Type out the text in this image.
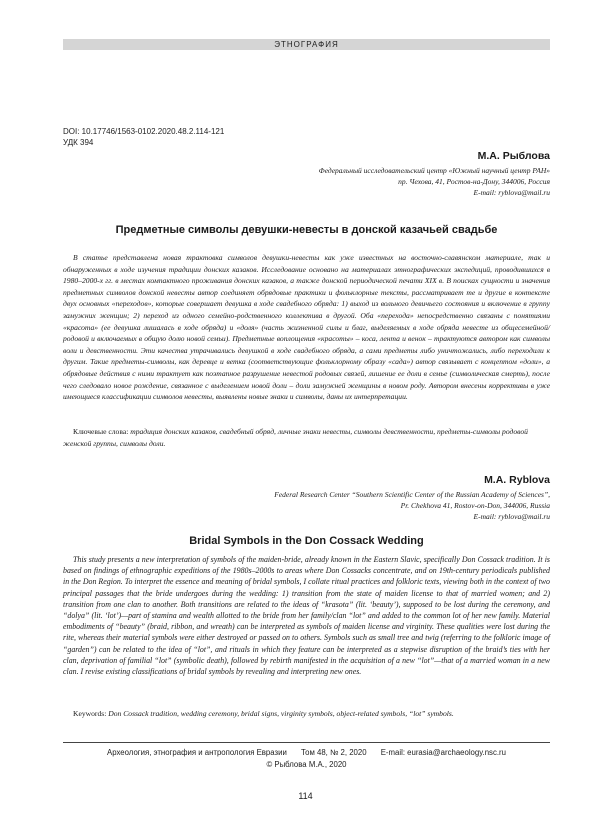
ЭТНОГРАФИЯ
DOI: 10.17746/1563-0102.2020.48.2.114-121
УДК 394
М.А. Рыблова
Федеральный исследовательский центр «Южный научный центр РАН»
пр. Чехова, 41, Ростов-на-Дону, 344006, Россия
E-mail: ryblova@mail.ru
Предметные символы девушки-невесты в донской казачьей свадьбе

В статье представлена новая трактовка символов девушки-невесты как уже известных на восточно-славянском материале, так и обнаруженных в ходе изучения традиции донских казаков. Исследование основано на материалах этнографических экспедиций, проводившихся в 1980–2000-х гг. в местах компактного проживания донских казаков, а также донской периодической печати XIX в. В поисках сущности и значения предметных символов донской невесты автор соединяет обрядовые практики и фольклорные тексты, рассматривает те и другие в контексте двух основных «переходов», которые совершает девушка в ходе свадебного обряда: 1) выход из вольного девичьего состояния и включение в группу замужних женщин; 2) переход из одного семейно-родственного коллектива в другой. Оба «перехода» непосредственно связаны с понятиями «красота» (ее девушка лишалась в ходе обряда) и «доля» (часть жизненной силы и благ, выделяемых в ходе обряда невесте из общесемейной/родовой и включаемых в общую долю новой семьи). Предметные воплощения «красоты» – коса, лента и венок – трактуются автором как символы воли и девственности. Эти качества утрачивались девушкой в ходе свадебного обряда, а сами предметы либо уничтожались, либо переходили к другим. Такие предметы-символы, как деревце и ветка (соответствующие фольклорному образу «сада») автор связывает с концептом «доли», а обрядовые действия с ними трактует как поэтапное разрушение невестой родовых связей, лишение ее доли в семье (символическая смерть), после чего следовало новое рождение, связанное с выделением новой доли – доли замужней женщины в новом роду. Автором внесены коррективы в уже имеющиеся классификации символов невесты, выявлены новые знаки и символы, даны их интерпретации.

Ключевые слова: традиция донских казаков, свадебный обряд, личные знаки невесты, символы девственности, предметы-символы родовой женской группы, символы доли.

M.A. Ryblova
Federal Research Center “Southern Scientific Center of the Russian Academy of Sciences”,
Pr. Chekhova 41, Rostov-on-Don, 344006, Russia
E-mail: ryblova@mail.ru
Bridal Symbols in the Don Cossack Wedding

This study presents a new interpretation of symbols of the maiden-bride, already known in the Eastern Slavic, specifically Don Cossack tradition. It is based on findings of ethnographic expeditions of the 1980s–2000s to areas where Don Cossacks concentrate, and on 19th-century periodicals published in the Don Region. To interpret the essence and meaning of bridal symbols, I collate ritual practices and folkloric texts, viewing both in the context of two principal passages that the bride undergoes during the wedding: 1) transition from the state of maiden license to that of married women; and 2) transition from one clan to another. Both transitions are related to the ideas of “krasota” (lit. ‘beauty’), supposed to be lost during the ceremony, and “dolya” (lit. ‘lot’)—part of stamina and wealth allotted to the bride from her family/clan “lot” and added to the common lot of her new family. Material embodiments of “beauty” (braid, ribbon, and wreath) can be interpreted as symbols of maiden license and virginity. These qualities were lost during the rite, whereas their material symbols were either destroyed or passed on to others. Symbols such as small tree and twig (referring to the folkloric image of “garden”) can be related to the idea of “lot”, and rituals in which they feature can be interpreted as a stepwise disruption of the braid’s ties with her clan, deprivation of familial “lot” (symbolic death), followed by rebirth manifested in the acquisition of a new “lot”—that of a married woman in a new clan. I revise existing classifications of bridal symbols by revealing and interpreting new ones.

Keywords: Don Cossack tradition, wedding ceremony, bridal signs, virginity symbols, object-related symbols, “lot” symbols.

Археология, этнография и антропология Евразии Том 48, № 2, 2020 E-mail: eurasia@archaeology.nsc.ru
© Рыблова М.А., 2020
114
